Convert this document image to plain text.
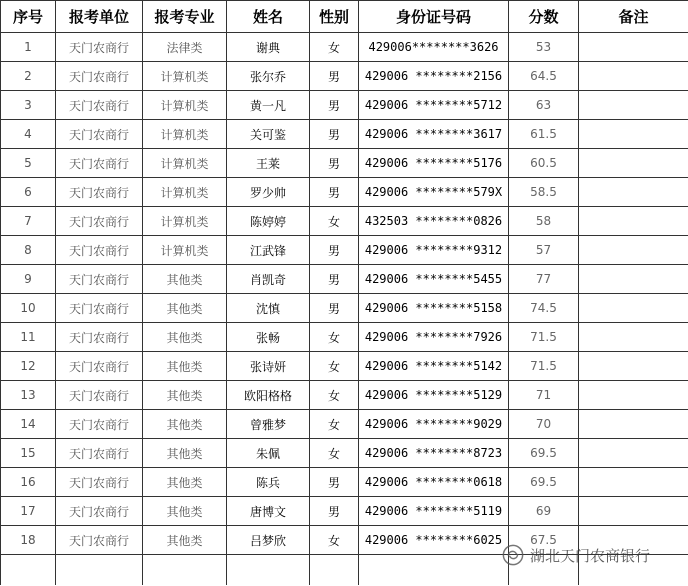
序号	报考单位	报考专业	姓名	性别	身份证号码	分数	备注
1	天门农商行	法律类	谢典	女	429006********3626	53	
2	天门农商行	计算机类	张尔乔	男	429006 ********2156	64.5	
3	天门农商行	计算机类	黄一凡	男	429006 ********5712	63	
4	天门农商行	计算机类	关可鉴	男	429006 ********3617	61.5	
5	天门农商行	计算机类	王莱	男	429006 ********5176	60.5	
6	天门农商行	计算机类	罗少帅	男	429006 ********579X	58.5	
7	天门农商行	计算机类	陈婷婷	女	432503 ********0826	58	
8	天门农商行	计算机类	江武锋	男	429006 ********9312	57	
9	天门农商行	其他类	肖凯奇	男	429006 ********5455	77	
10	天门农商行	其他类	沈慎	男	429006 ********5158	74.5	
11	天门农商行	其他类	张畅	女	429006 ********7926	71.5	
12	天门农商行	其他类	张诗妍	女	429006 ********5142	71.5	
13	天门农商行	其他类	欧阳格格	女	429006 ********5129	71	
14	天门农商行	其他类	曾雅梦	女	429006 ********9029	70	
15	天门农商行	其他类	朱佩	女	429006 ********8723	69.5	
16	天门农商行	其他类	陈兵	男	429006 ********0618	69.5	
17	天门农商行	其他类	唐博文	男	429006 ********5119	69	
18	天门农商行	其他类	吕梦欣	女	429006 ********6025	67.5	

湖北天门农商银行
